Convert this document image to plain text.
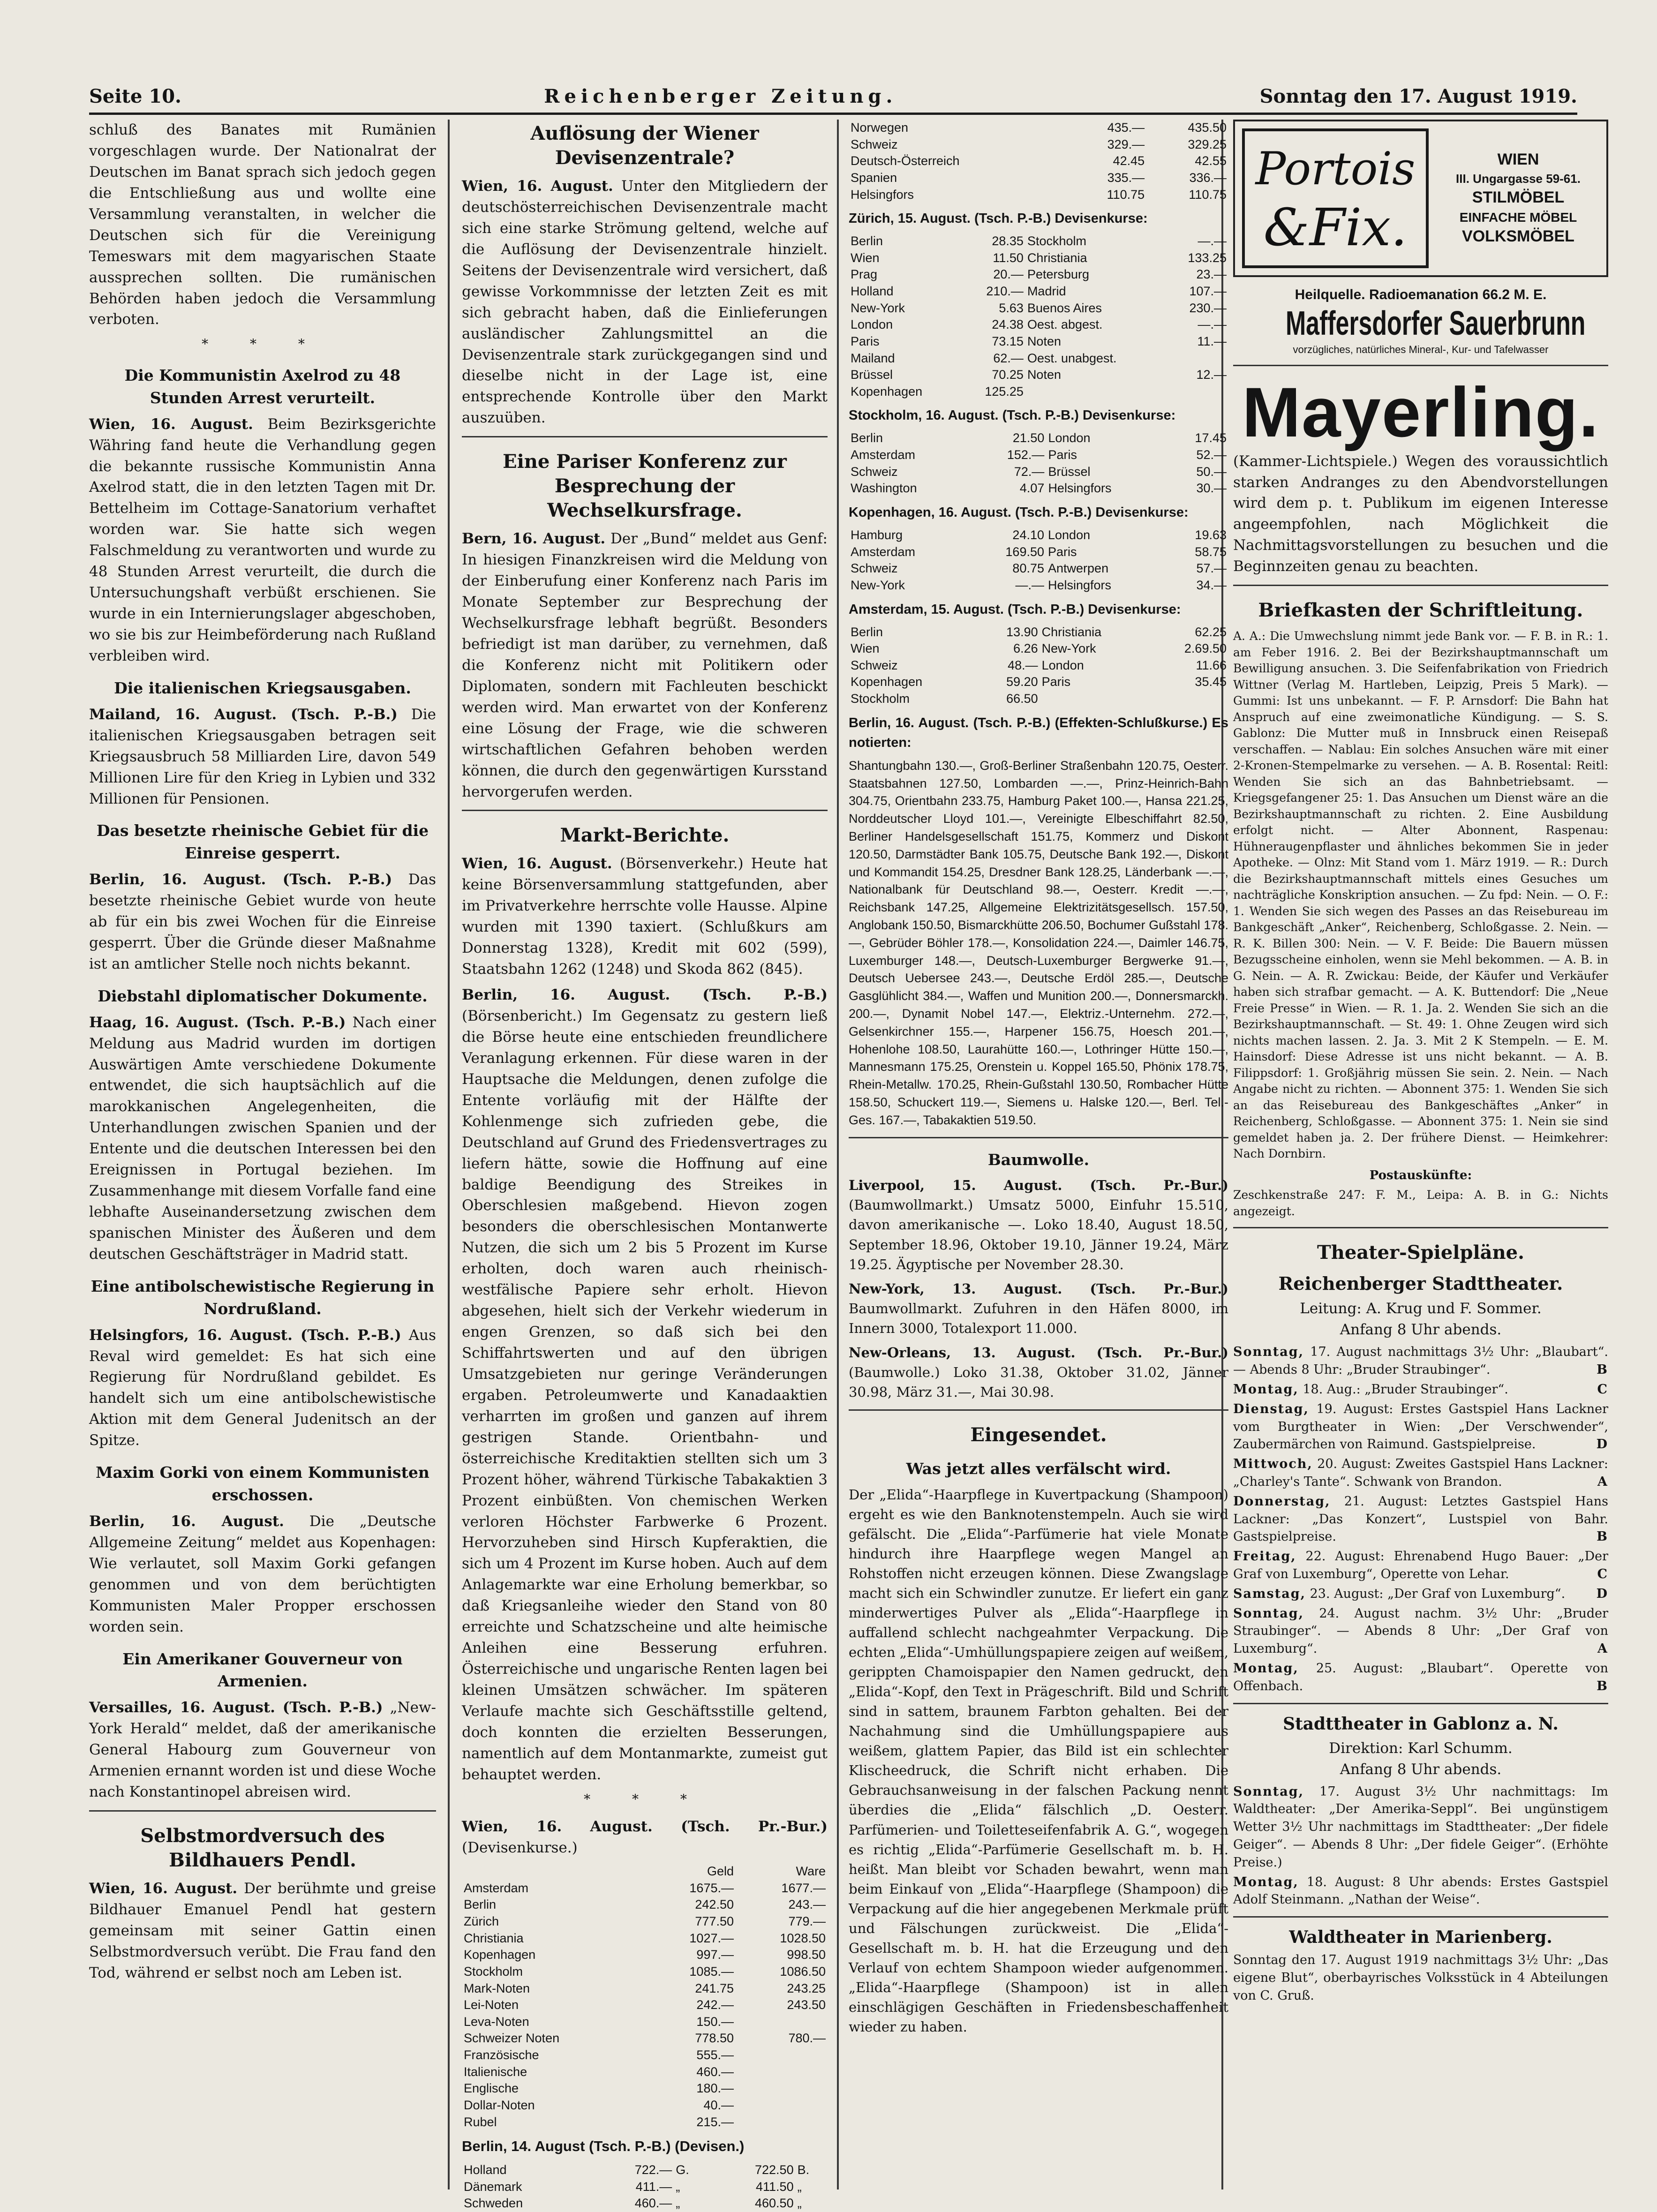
Seite 10.	Reichenberger Zeitung.	Sonntag den 17. August 1919.

schluß des Banates mit Rumänien vorgeschlagen wurde. Der Nationalrat der Deutschen im Banat sprach sich jedoch gegen die Entschließung aus und wollte eine Versammlung veranstalten, in welcher die Deutschen sich für die Vereinigung Temeswars mit dem magyarischen Staate aussprechen sollten. Die rumänischen Behörden haben jedoch die Versammlung verboten.

* * *
Die Kommunistin Axelrod zu 48 Stunden Arrest verurteilt.

Wien, 16. August. Beim Bezirksgerichte Währing fand heute die Verhandlung gegen die bekannte russische Kommunistin Anna Axelrod statt, die in den letzten Tagen mit Dr. Bettelheim im Cottage-Sanatorium verhaftet worden war. Sie hatte sich wegen Falschmeldung zu verantworten und wurde zu 48 Stunden Arrest verurteilt, die durch die Untersuchungshaft verbüßt erschienen. Sie wurde in ein Internierungslager abgeschoben, wo sie bis zur Heimbeförderung nach Rußland verbleiben wird.

Die italienischen Kriegsausgaben.

Mailand, 16. August. (Tsch. P.-B.) Die italienischen Kriegsausgaben betragen seit Kriegsausbruch 58 Milliarden Lire, davon 549 Millionen Lire für den Krieg in Lybien und 332 Millionen für Pensionen.

Das besetzte rheinische Gebiet für die Einreise gesperrt.

Berlin, 16. August. (Tsch. P.-B.) Das besetzte rheinische Gebiet wurde von heute ab für ein bis zwei Wochen für die Einreise gesperrt. Über die Gründe dieser Maßnahme ist an amtlicher Stelle noch nichts bekannt.

Diebstahl diplomatischer Dokumente.

Haag, 16. August. (Tsch. P.-B.) Nach einer Meldung aus Madrid wurden im dortigen Auswärtigen Amte verschiedene Dokumente entwendet, die sich hauptsächlich auf die marokkanischen Angelegenheiten, die Unterhandlungen zwischen Spanien und der Entente und die deutschen Interessen bei den Ereignissen in Portugal beziehen. Im Zusammenhange mit diesem Vorfalle fand eine lebhafte Auseinandersetzung zwischen dem spanischen Minister des Äußeren und dem deutschen Geschäftsträger in Madrid statt.

Eine antibolschewistische Regierung in Nordrußland.

Helsingfors, 16. August. (Tsch. P.-B.) Aus Reval wird gemeldet: Es hat sich eine Regierung für Nordrußland gebildet. Es handelt sich um eine antibolschewistische Aktion mit dem General Judenitsch an der Spitze.

Maxim Gorki von einem Kommunisten erschossen.

Berlin, 16. August. Die „Deutsche Allgemeine Zeitung“ meldet aus Kopenhagen: Wie verlautet, soll Maxim Gorki gefangen genommen und von dem berüchtigten Kommunisten Maler Propper erschossen worden sein.

Ein Amerikaner Gouverneur von Armenien.

Versailles, 16. August. (Tsch. P.-B.) „New-York Herald“ meldet, daß der amerikanische General Habourg zum Gouverneur von Armenien ernannt worden ist und diese Woche nach Konstantinopel abreisen wird.

Selbstmordversuch des Bildhauers Pendl.

Wien, 16. August. Der berühmte und greise Bildhauer Emanuel Pendl hat gestern gemeinsam mit seiner Gattin einen Selbstmordversuch verübt. Die Frau fand den Tod, während er selbst noch am Leben ist.

Auflösung der Wiener Devisenzentrale?

Wien, 16. August. Unter den Mitgliedern der deutschösterreichischen Devisenzentrale macht sich eine starke Strömung geltend, welche auf die Auflösung der Devisenzentrale hinzielt. Seitens der Devisenzentrale wird versichert, daß gewisse Vorkommnisse der letzten Zeit es mit sich gebracht haben, daß die Einlieferungen ausländischer Zahlungsmittel an die Devisenzentrale stark zurückgegangen sind und dieselbe nicht in der Lage ist, eine entsprechende Kontrolle über den Markt auszuüben.

Eine Pariser Konferenz zur Besprechung der Wechselkursfrage.

Bern, 16. August. Der „Bund“ meldet aus Genf: In hiesigen Finanzkreisen wird die Meldung von der Einberufung einer Konferenz nach Paris im Monate September zur Besprechung der Wechselkursfrage lebhaft begrüßt. Besonders befriedigt ist man darüber, zu vernehmen, daß die Konferenz nicht mit Politikern oder Diplomaten, sondern mit Fachleuten beschickt werden wird. Man erwartet von der Konferenz eine Lösung der Frage, wie die schweren wirtschaftlichen Gefahren behoben werden können, die durch den gegenwärtigen Kursstand hervorgerufen werden.

Markt-Berichte.

Wien, 16. August. (Börsenverkehr.) Heute hat keine Börsenversammlung stattgefunden, aber im Privatverkehre herrschte volle Hausse. Alpine wurden mit 1390 taxiert. (Schlußkurs am Donnerstag 1328), Kredit mit 602 (599), Staatsbahn 1262 (1248) und Skoda 862 (845).

Berlin, 16. August. (Tsch. P.-B.) (Börsenbericht.) Im Gegensatz zu gestern ließ die Börse heute eine entschieden freundlichere Veranlagung erkennen. Für diese waren in der Hauptsache die Meldungen, denen zufolge die Entente vorläufig mit der Hälfte der Kohlenmenge sich zufrieden gebe, die Deutschland auf Grund des Friedensvertrages zu liefern hätte, sowie die Hoffnung auf eine baldige Beendigung des Streikes in Oberschlesien maßgebend. Hievon zogen besonders die oberschlesischen Montanwerte Nutzen, die sich um 2 bis 5 Prozent im Kurse erholten, doch waren auch rheinisch-westfälische Papiere sehr erholt. Hievon abgesehen, hielt sich der Verkehr wiederum in engen Grenzen, so daß sich bei den Schiffahrtswerten und auf den übrigen Umsatzgebieten nur geringe Veränderungen ergaben. Petroleumwerte und Kanadaaktien verharrten im großen und ganzen auf ihrem gestrigen Stande. Orientbahn- und österreichische Kreditaktien stellten sich um 3 Prozent höher, während Türkische Tabakaktien 3 Prozent einbüßten. Von chemischen Werken verloren Höchster Farbwerke 6 Prozent. Hervorzuheben sind Hirsch Kupferaktien, die sich um 4 Prozent im Kurse hoben. Auch auf dem Anlagemarkte war eine Erholung bemerkbar, so daß Kriegsanleihe wieder den Stand von 80 erreichte und Schatzscheine und alte heimische Anleihen eine Besserung erfuhren. Österreichische und ungarische Renten lagen bei kleinen Umsätzen schwächer. Im späteren Verlaufe machte sich Geschäftsstille geltend, doch konnten die erzielten Besserungen, namentlich auf dem Montanmarkte, zumeist gut behauptet werden.

* * *

Wien, 16. August. (Tsch. Pr.-Bur.) (Devisenkurse.)

	Geld	Ware
Amsterdam	1675.—	1677.—
Berlin	242.50	243.—
Zürich	777.50	779.—
Christiania	1027.—	1028.50
Kopenhagen	997.—	998.50
Stockholm	1085.—	1086.50
Mark-Noten	241.75	243.25
Lei-Noten	242.—	243.50
Leva-Noten	150.—	
Schweizer Noten	778.50	780.—
Französische	555.—	
Italienische	460.—	
Englische	180.—	
Dollar-Noten	40.—	
Rubel	215.—	

Berlin, 14. August (Tsch. P.-B.) (Devisen.)

Holland	722.—	G.	722.50	B.
Dänemark	411.—	„	411.50	„
Schweden	460.—	„	460.50	„
Norwegen	435.—	435.50
Schweiz	329.—	329.25
Deutsch-Österreich	42.45	42.55
Spanien	335.—	336.—
Helsingfors	110.75	110.75

Zürich, 15. August. (Tsch. P.-B.) Devisenkurse:

Berlin	28.35	Stockholm	—.—
Wien	11.50	Christiania	133.25
Prag	20.—	Petersburg	23.—
Holland	210.—	Madrid	107.—
New-York	5.63	Buenos Aires	230.—
London	24.38	Oest. abgest.	—.—
Paris	73.15	Noten	11.—
Mailand	62.—	Oest. unabgest.	
Brüssel	70.25	Noten	12.—
Kopenhagen	125.25		

Stockholm, 16. August. (Tsch. P.-B.) Devisenkurse:

Berlin	21.50	London	17.45
Amsterdam	152.—	Paris	52.—
Schweiz	72.—	Brüssel	50.—
Washington	4.07	Helsingfors	30.—

Kopenhagen, 16. August. (Tsch. P.-B.) Devisenkurse:

Hamburg	24.10	London	19.63
Amsterdam	169.50	Paris	58.75
Schweiz	80.75	Antwerpen	57.—
New-York	—.—	Helsingfors	34.—

Amsterdam, 15. August. (Tsch. P.-B.) Devisenkurse:

Berlin	13.90	Christiania	62.25
Wien	6.26	New-York	2.69.50
Schweiz	48.—	London	11.66
Kopenhagen	59.20	Paris	35.45
Stockholm	66.50		

Berlin, 16. August. (Tsch. P.-B.) (Effekten-Schlußkurse.) Es notierten:

Shantungbahn 130.—, Groß-Berliner Straßenbahn 120.75, Oesterr. Staatsbahnen 127.50, Lombarden —.—, Prinz-Heinrich-Bahn 304.75, Orientbahn 233.75, Hamburg Paket 100.—, Hansa 221.25, Norddeutscher Lloyd 101.—, Vereinigte Elbeschiffahrt 82.50, Berliner Handelsgesellschaft 151.75, Kommerz und Diskont 120.50, Darmstädter Bank 105.75, Deutsche Bank 192.—, Diskont und Kommandit 154.25, Dresdner Bank 128.25, Länderbank —.—, Nationalbank für Deutschland 98.—, Oesterr. Kredit —.—, Reichsbank 147.25, Allgemeine Elektrizitätsgesellsch. 157.50, Anglobank 150.50, Bismarckhütte 206.50, Bochumer Gußstahl 178.—, Gebrüder Böhler 178.—, Konsolidation 224.—, Daimler 146.75, Luxemburger 148.—, Deutsch-Luxemburger Bergwerke 91.—, Deutsch Uebersee 243.—, Deutsche Erdöl 285.—, Deutsche Gasglühlicht 384.—, Waffen und Munition 200.—, Donnersmarckh. 200.—, Dynamit Nobel 147.—, Elektriz.-Unternehm. 272.—, Gelsenkirchner 155.—, Harpener 156.75, Hoesch 201.—, Hohenlohe 108.50, Laurahütte 160.—, Lothringer Hütte 150.—, Mannesmann 175.25, Orenstein u. Koppel 165.50, Phönix 178.75, Rhein-Metallw. 170.25, Rhein-Gußstahl 130.50, Rombacher Hütte 158.50, Schuckert 119.—, Siemens u. Halske 120.—, Berl. Tel.-Ges. 167.—, Tabakaktien 519.50.

Baumwolle.

Liverpool, 15. August. (Tsch. Pr.-Bur.) (Baumwollmarkt.) Umsatz 5000, Einfuhr 15.510, davon amerikanische —. Loko 18.40, August 18.50, September 18.96, Oktober 19.10, Jänner 19.24, März 19.25. Ägyptische per November 28.30.

New-York, 13. August. (Tsch. Pr.-Bur.) Baumwollmarkt. Zufuhren in den Häfen 8000, im Innern 3000, Totalexport 11.000.

New-Orleans, 13. August. (Tsch. Pr.-Bur.) (Baumwolle.) Loko 31.38, Oktober 31.02, Jänner 30.98, März 31.—, Mai 30.98.

Eingesendet.
Was jetzt alles verfälscht wird.

Der „Elida“-Haarpflege in Kuvertpackung (Shampoon) ergeht es wie den Banknotenstempeln. Auch sie wird gefälscht. Die „Elida“-Parfümerie hat viele Monate hindurch ihre Haarpflege wegen Mangel an Rohstoffen nicht erzeugen können. Diese Zwangslage macht sich ein Schwindler zunutze. Er liefert ein ganz minderwertiges Pulver als „Elida“-Haarpflege in auffallend schlecht nachgeahmter Verpackung. Die echten „Elida“-Umhüllungspapiere zeigen auf weißem, gerippten Chamoispapier den Namen gedruckt, den „Elida“-Kopf, den Text in Prägeschrift. Bild und Schrift sind in sattem, braunem Farbton gehalten. Bei der Nachahmung sind die Umhüllungspapiere aus weißem, glattem Papier, das Bild ist ein schlechter Klischeedruck, die Schrift nicht erhaben. Die Gebrauchsanweisung in der falschen Packung nennt überdies die „Elida“ fälschlich „D. Oesterr. Parfümerien- und Toiletteseifenfabrik A. G.“, wogegen es richtig „Elida“-Parfümerie Gesellschaft m. b. H. heißt. Man bleibt vor Schaden bewahrt, wenn man beim Einkauf von „Elida“-Haarpflege (Shampoon) die Verpackung auf die hier angegebenen Merkmale prüft und Fälschungen zurückweist. Die „Elida“-Gesellschaft m. b. H. hat die Erzeugung und den Verlauf von echtem Shampoon wieder aufgenommen. „Elida“-Haarpflege (Shampoon) ist in allen einschlägigen Geschäften in Friedensbeschaffenheit wieder zu haben.

Portois
&Fix.
WIEN
III. Ungargasse 59-61.
STILMÖBEL
EINFACHE MÖBEL
VOLKSMÖBEL
Heilquelle. Radioemanation 66.2 M. E.
Maffersdorfer Sauerbrunn
vorzügliches, natürliches Mineral-, Kur- und Tafelwasser
Mayerling.

(Kammer-Lichtspiele.) Wegen des voraussichtlich starken Andranges zu den Abendvorstellungen wird dem p. t. Publikum im eigenen Interesse angeempfohlen, nach Möglichkeit die Nachmittagsvorstellungen zu besuchen und die Beginnzeiten genau zu beachten.

Briefkasten der Schriftleitung.

A. A.: Die Umwechslung nimmt jede Bank vor. — F. B. in R.: 1. am Feber 1916. 2. Bei der Bezirkshauptmannschaft um Bewilligung ansuchen. 3. Die Seifenfabrikation von Friedrich Wittner (Verlag M. Hartleben, Leipzig, Preis 5 Mark). — Gummi: Ist uns unbekannt. — F. P. Arnsdorf: Die Bahn hat Anspruch auf eine zweimonatliche Kündigung. — S. S. Gablonz: Die Mutter muß in Innsbruck einen Reisepaß verschaffen. — Nablau: Ein solches Ansuchen wäre mit einer 2-Kronen-Stempelmarke zu versehen. — A. B. Rosental: Reitl: Wenden Sie sich an das Bahnbetriebsamt. — Kriegsgefangener 25: 1. Das Ansuchen um Dienst wäre an die Bezirkshauptmannschaft zu richten. 2. Eine Ausbildung erfolgt nicht. — Alter Abonnent, Raspenau: Hühneraugenpflaster und ähnliches bekommen Sie in jeder Apotheke. — Olnz: Mit Stand vom 1. März 1919. — R.: Durch die Bezirkshauptmannschaft mittels eines Gesuches um nachträgliche Konskription ansuchen. — Zu fpd: Nein. — O. F.: 1. Wenden Sie sich wegen des Passes an das Reisebureau im Bankgeschäft „Anker“, Reichenberg, Schloßgasse. 2. Nein. — R. K. Billen 300: Nein. — V. F. Beide: Die Bauern müssen Bezugsscheine einholen, wenn sie Mehl bekommen. — A. B. in G. Nein. — A. R. Zwickau: Beide, der Käufer und Verkäufer haben sich strafbar gemacht. — A. K. Buttendorf: Die „Neue Freie Presse“ in Wien. — R. 1. Ja. 2. Wenden Sie sich an die Bezirkshauptmannschaft. — St. 49: 1. Ohne Zeugen wird sich nichts machen lassen. 2. Ja. 3. Mit 2 K Stempeln. — E. M. Hainsdorf: Diese Adresse ist uns nicht bekannt. — A. B. Filippsdorf: 1. Großjährig müssen Sie sein. 2. Nein. — Nach Angabe nicht zu richten. — Abonnent 375: 1. Wenden Sie sich an das Reisebureau des Bankgeschäftes „Anker“ in Reichenberg, Schloßgasse. — Abonnent 375: 1. Nein sie sind gemeldet haben ja. 2. Der frühere Dienst. — Heimkehrer: Nach Dornbirn.

Postauskünfte:

Zeschkenstraße 247: F. M., Leipa: A. B. in G.: Nichts angezeigt.

Theater-Spielpläne.
Reichenberger Stadttheater.
Leitung: A. Krug und F. Sommer.
Anfang 8 Uhr abends.
Sonntag, 17. August nachmittags 3½ Uhr: „Blaubart“. — Abends 8 Uhr: „Bruder Straubinger“.	B
Montag, 18. Aug.: „Bruder Straubinger“.	C
Dienstag, 19. August: Erstes Gastspiel Hans Lackner vom Burgtheater in Wien: „Der Verschwender“, Zaubermärchen von Raimund. Gastspielpreise.	D
Mittwoch, 20. August: Zweites Gastspiel Hans Lackner: „Charley's Tante“. Schwank von Brandon.	A
Donnerstag, 21. August: Letztes Gastspiel Hans Lackner: „Das Konzert“, Lustspiel von Bahr. Gastspielpreise.	B
Freitag, 22. August: Ehrenabend Hugo Bauer: „Der Graf von Luxemburg“, Operette von Lehar.	C
Samstag, 23. August: „Der Graf von Luxemburg“. D
Sonntag, 24. August nachm. 3½ Uhr: „Bruder Straubinger“. — Abends 8 Uhr: „Der Graf von Luxemburg“.	A
Montag, 25. August: „Blaubart“. Operette von Offenbach.	B
Stadttheater in Gablonz a. N.
Direktion: Karl Schumm.
Anfang 8 Uhr abends.
Sonntag, 17. August 3½ Uhr nachmittags: Im Waldtheater: „Der Amerika-Seppl“. Bei ungünstigem Wetter 3½ Uhr nachmittags im Stadttheater: „Der fidele Geiger“. — Abends 8 Uhr: „Der fidele Geiger“. (Erhöhte Preise.)
Montag, 18. August: 8 Uhr abends: Erstes Gastspiel Adolf Steinmann. „Nathan der Weise“.
Waldtheater in Marienberg.

Sonntag den 17. August 1919 nachmittags 3½ Uhr: „Das eigene Blut“, oberbayrisches Volksstück in 4 Abteilungen von C. Gruß.
